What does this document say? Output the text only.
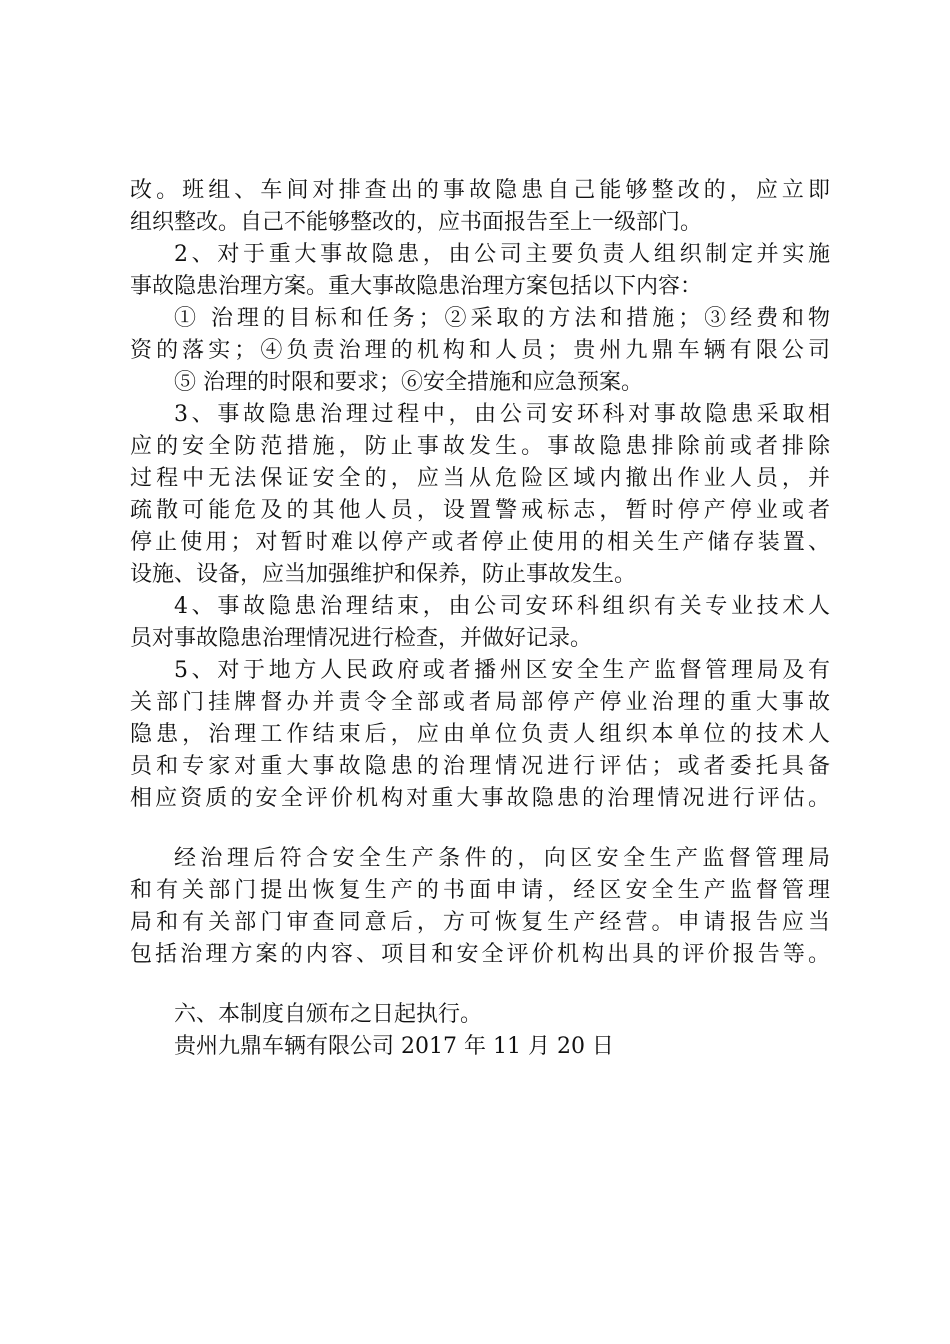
改。班组、车间对排查出的事故隐患自己能够整改的，应立即
组织整改。自己不能够整改的，应书面报告至上一级部门。
2、对于重大事故隐患，由公司主要负责人组织制定并实施
事故隐患治理方案。重大事故隐患治理方案包括以下内容：
① 治理的目标和任务；②采取的方法和措施；③经费和物
资的落实；④负责治理的机构和人员；贵州九鼎车辆有限公司
⑤ 治理的时限和要求；⑥安全措施和应急预案。
3、事故隐患治理过程中，由公司安环科对事故隐患采取相
应的安全防范措施，防止事故发生。事故隐患排除前或者排除
过程中无法保证安全的，应当从危险区域内撤出作业人员，并
疏散可能危及的其他人员，设置警戒标志，暂时停产停业或者
停止使用；对暂时难以停产或者停止使用的相关生产储存装置、
设施、设备，应当加强维护和保养，防止事故发生。
4、事故隐患治理结束，由公司安环科组织有关专业技术人
员对事故隐患治理情况进行检查，并做好记录。
5、对于地方人民政府或者播州区安全生产监督管理局及有
关部门挂牌督办并责令全部或者局部停产停业治理的重大事故
隐患，治理工作结束后，应由单位负责人组织本单位的技术人
员和专家对重大事故隐患的治理情况进行评估；或者委托具备
相应资质的安全评价机构对重大事故隐患的治理情况进行评估。
经治理后符合安全生产条件的，向区安全生产监督管理局
和有关部门提出恢复生产的书面申请，经区安全生产监督管理
局和有关部门审查同意后，方可恢复生产经营。申请报告应当
包括治理方案的内容、项目和安全评价机构出具的评价报告等。
六、本制度自颁布之日起执行。
贵州九鼎车辆有限公司 2017 年 11 月 20 日
